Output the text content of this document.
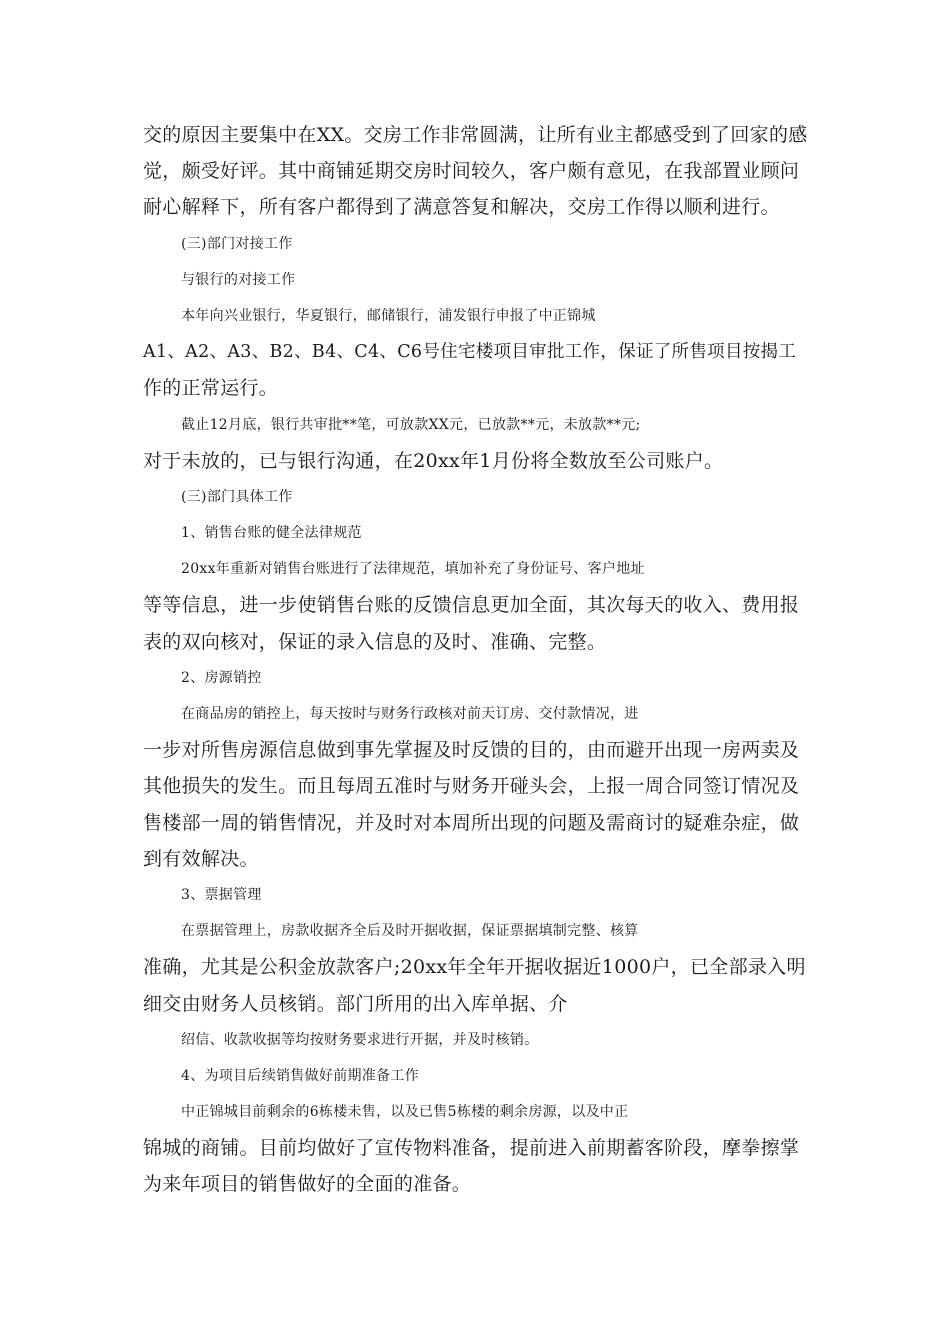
交的原因主要集中在XX。交房工作非常圆满，让所有业主都感受到了回家的感
觉，颇受好评。其中商铺延期交房时间较久，客户颇有意见，在我部置业顾问
耐心解释下，所有客户都得到了满意答复和解决，交房工作得以顺利进行。
(三)部门对接工作
与银行的对接工作
本年向兴业银行，华夏银行，邮储银行，浦发银行申报了中正锦城
A1、A2、A3、B2、B4、C4、C6号住宅楼项目审批工作，保证了所售项目按揭工
作的正常运行。
截止12月底，银行共审批**笔，可放款XX元，已放款**元，未放款**元;
对于未放的，已与银行沟通，在20xx年1月份将全数放至公司账户。
(三)部门具体工作
1、销售台账的健全法律规范
20xx年重新对销售台账进行了法律规范，填加补充了身份证号、客户地址
等等信息，进一步使销售台账的反馈信息更加全面，其次每天的收入、费用报
表的双向核对，保证的录入信息的及时、准确、完整。
2、房源销控
在商品房的销控上，每天按时与财务行政核对前天订房、交付款情况，进
一步对所售房源信息做到事先掌握及时反馈的目的，由而避开出现一房两卖及
其他损失的发生。而且每周五准时与财务开碰头会，上报一周合同签订情况及
售楼部一周的销售情况，并及时对本周所出现的问题及需商讨的疑难杂症，做
到有效解决。
3、票据管理
在票据管理上，房款收据齐全后及时开据收据，保证票据填制完整、核算
准确，尤其是公积金放款客户;20xx年全年开据收据近1000户，已全部录入明
细交由财务人员核销。部门所用的出入库单据、介
绍信、收款收据等均按财务要求进行开据，并及时核销。
4、为项目后续销售做好前期准备工作
中正锦城目前剩余的6栋楼未售，以及已售5栋楼的剩余房源，以及中正
锦城的商铺。目前均做好了宣传物料准备，提前进入前期蓄客阶段，摩拳擦掌
为来年项目的销售做好的全面的准备。
